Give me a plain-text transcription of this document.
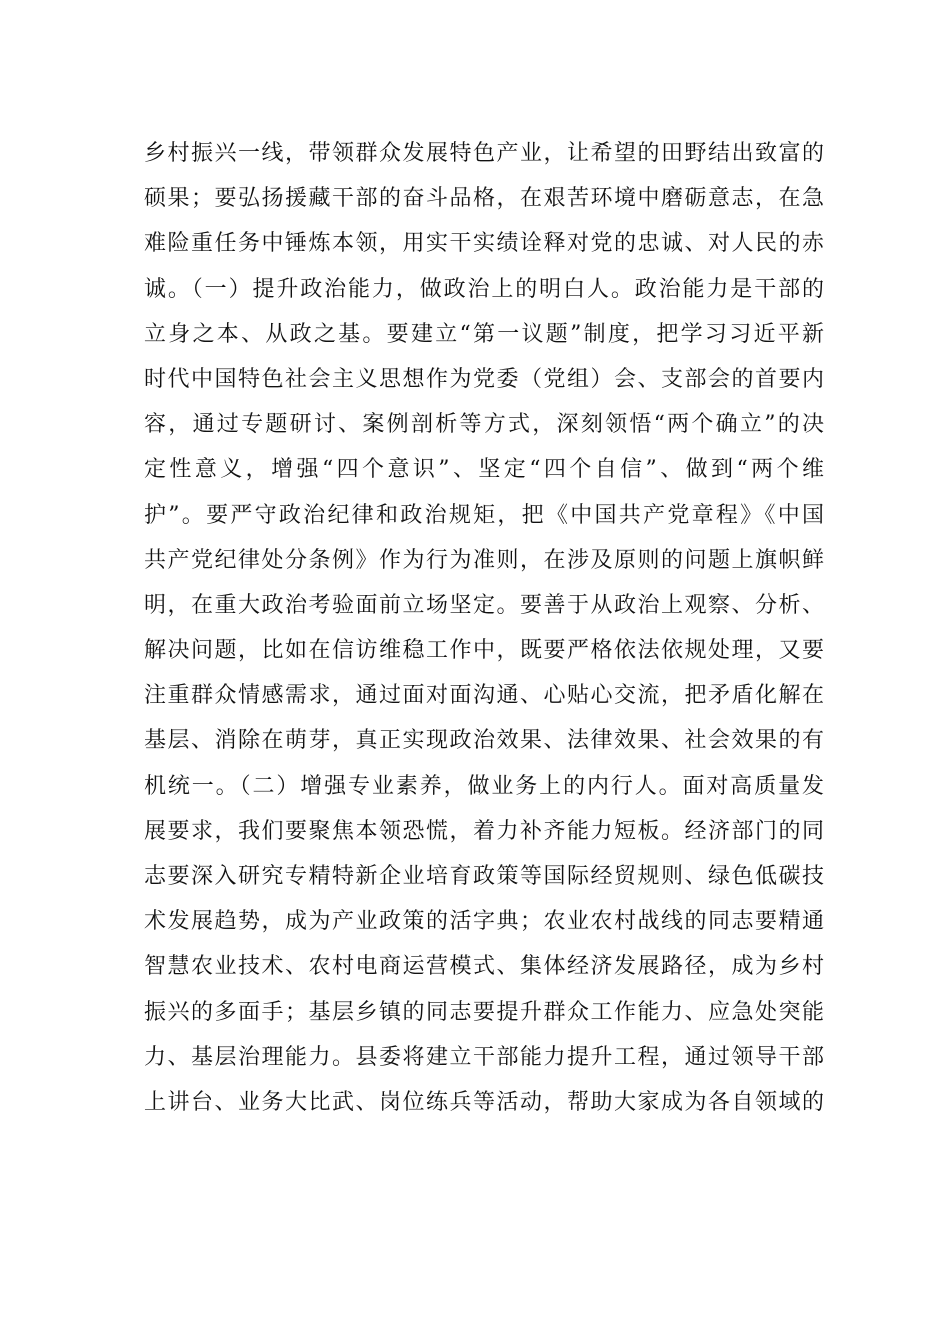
乡村振兴一线，带领群众发展特色产业，让希望的田野结出致富的
硕果；要弘扬援藏干部的奋斗品格，在艰苦环境中磨砺意志，在急
难险重任务中锤炼本领，用实干实绩诠释对党的忠诚、对人民的赤
诚。（一）提升政治能力，做政治上的明白人。政治能力是干部的
立身之本、从政之基。要建立“第一议题”制度，把学习习近平新
时代中国特色社会主义思想作为党委（党组）会、支部会的首要内
容，通过专题研讨、案例剖析等方式，深刻领悟“两个确立”的决
定性意义，增强“四个意识”、坚定“四个自信”、做到“两个维
护”。要严守政治纪律和政治规矩，把《中国共产党章程》《中国
共产党纪律处分条例》作为行为准则，在涉及原则的问题上旗帜鲜
明，在重大政治考验面前立场坚定。要善于从政治上观察、分析、
解决问题，比如在信访维稳工作中，既要严格依法依规处理，又要
注重群众情感需求，通过面对面沟通、心贴心交流，把矛盾化解在
基层、消除在萌芽，真正实现政治效果、法律效果、社会效果的有
机统一。（二）增强专业素养，做业务上的内行人。面对高质量发
展要求，我们要聚焦本领恐慌，着力补齐能力短板。经济部门的同
志要深入研究专精特新企业培育政策等国际经贸规则、绿色低碳技
术发展趋势，成为产业政策的活字典；农业农村战线的同志要精通
智慧农业技术、农村电商运营模式、集体经济发展路径，成为乡村
振兴的多面手；基层乡镇的同志要提升群众工作能力、应急处突能
力、基层治理能力。县委将建立干部能力提升工程，通过领导干部
上讲台、业务大比武、岗位练兵等活动，帮助大家成为各自领域的
